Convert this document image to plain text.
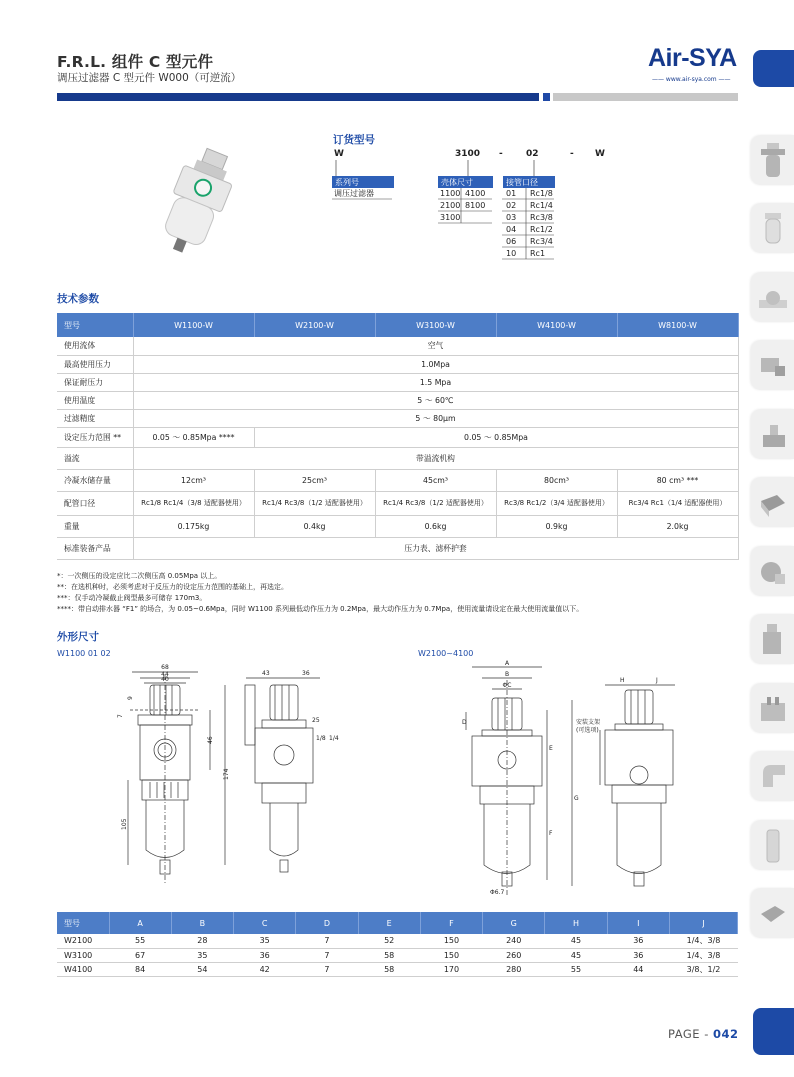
F.R.L. 组件 C 型元件
调压过滤器 C 型元件 W000（可逆流）
Air-SYA
—— www.air-sya.com ——
订货型号
W	3100 -	02	- W
系列号
调压过滤器
壳体尺寸
1100 4100
2100 8100
3100
接管口径
01 Rc1/8
02 Rc1/4
03 Rc3/8
04 Rc1/2
06 Rc3/4
10 Rc1
技术参数
型号	W1100-W	W2100-W	W3100-W	W4100-W	W8100-W
使用流体	空气				
最高使用压力	1.0Mpa				
保证耐压力	1.5 Mpa				
使用温度	5 ～ 60℃				
过滤精度	5 ～ 80μm				
设定压力范围 **	0.05 ～ 0.85Mpa ****	0.05 ～ 0.85Mpa			
溢流	带溢流机构				
冷凝水储存量	12cm³	25cm³	45cm³	80cm³	80 cm³ ***
配管口径	Rc1/8 Rc1/4（3/8 适配器使用）	Rc1/4 Rc3/8（1/2 适配器使用）	Rc1/4 Rc3/8（1/2 适配器使用）	Rc3/8 Rc1/2（3/4 适配器使用）	Rc3/4 Rc1（1/4 适配器使用）
重量	0.175kg	0.4kg	0.6kg	0.9kg	2.0kg
标准装备产品	压力表、滤杯护套				
*：一次侧压的设定应比二次侧压高 0.05Mpa 以上。
**：在选机种时，必须考虑对于反压力的设定压力范围的基础上，再选定。
***：仅手动冷凝截止阀型最多可储存 170m3。
****：带自动排水器 “F1” 的场合，为 0.05~0.6Mpa，同时 W1100 系列最低动作压力为 0.2Mpa，最大动作压力为 0.7Mpa，使用流量请设定在最大使用流量值以下。
外形尺寸
W1100 01 02	W2100~4100
68
44
40
46
174
105
7
9
43	36
25
1/8 1/4
A
B
ΦC
D
E
F
G
Φ6.7
H	J
安装支架
(可选项)
型号	A	B	C	D	E	F	G	H	I	J
W2100	55	28	35	7	52	150	240	45	36	1/4、3/8
W3100	67	35	36	7	58	150	260	45	36	1/4、3/8
W4100	84	54	42	7	58	170	280	55	44	3/8、1/2
PAGE - 042
